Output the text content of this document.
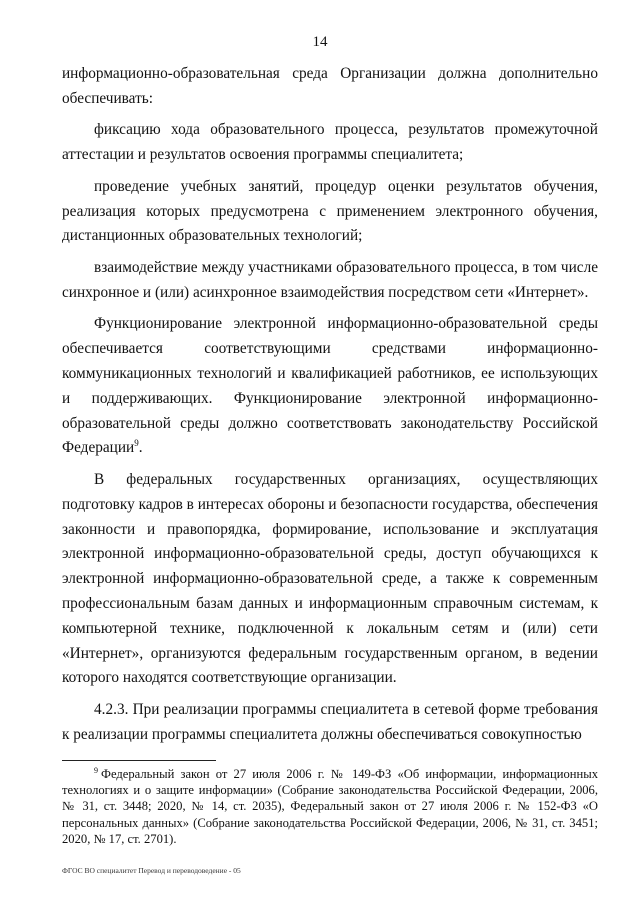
14

информационно-образовательная среда Организации должна дополнительно обеспечивать:

фиксацию хода образовательного процесса, результатов промежуточной аттестации и результатов освоения программы специалитета;

проведение учебных занятий, процедур оценки результатов обучения, реализация которых предусмотрена с применением электронного обучения, дистанционных образовательных технологий;

взаимодействие между участниками образовательного процесса, в том числе синхронное и (или) асинхронное взаимодействия посредством сети «Интернет».

Функционирование электронной информационно-образовательной среды обеспечивается соответствующими средствами информационно-коммуникационных технологий и квалификацией работников, ее использующих и поддерживающих. Функционирование электронной информационно-образовательной среды должно соответствовать законодательству Российской Федерации$^9$.

В федеральных государственных организациях, осуществляющих подготовку кадров в интересах обороны и безопасности государства, обеспечения законности и правопорядка, формирование, использование и эксплуатация электронной информационно-образовательной среды, доступ обучающихся к электронной информационно-образовательной среде, а также к современным профессиональным базам данных и информационным справочным системам, к компьютерной технике, подключенной к локальным сетям и (или) сети «Интернет», организуются федеральным государственным органом, в ведении которого находятся соответствующие организации.

4.2.3. При реализации программы специалитета в сетевой форме требования к реализации программы специалитета должны обеспечиваться совокупностью

$^9$ Федеральный закон от 27 июля 2006 г. № 149-ФЗ «Об информации, информационных технологиях и о защите информации» (Собрание законодательства Российской Федерации, 2006, № 31, ст. 3448; 2020, № 14, ст. 2035), Федеральный закон от 27 июля 2006 г. № 152-ФЗ «О персональных данных» (Собрание законодательства Российской Федерации, 2006, № 31, ст. 3451; 2020, № 17, ст. 2701).
ФГОС ВО специалитет Перевод и переводоведение - 05
